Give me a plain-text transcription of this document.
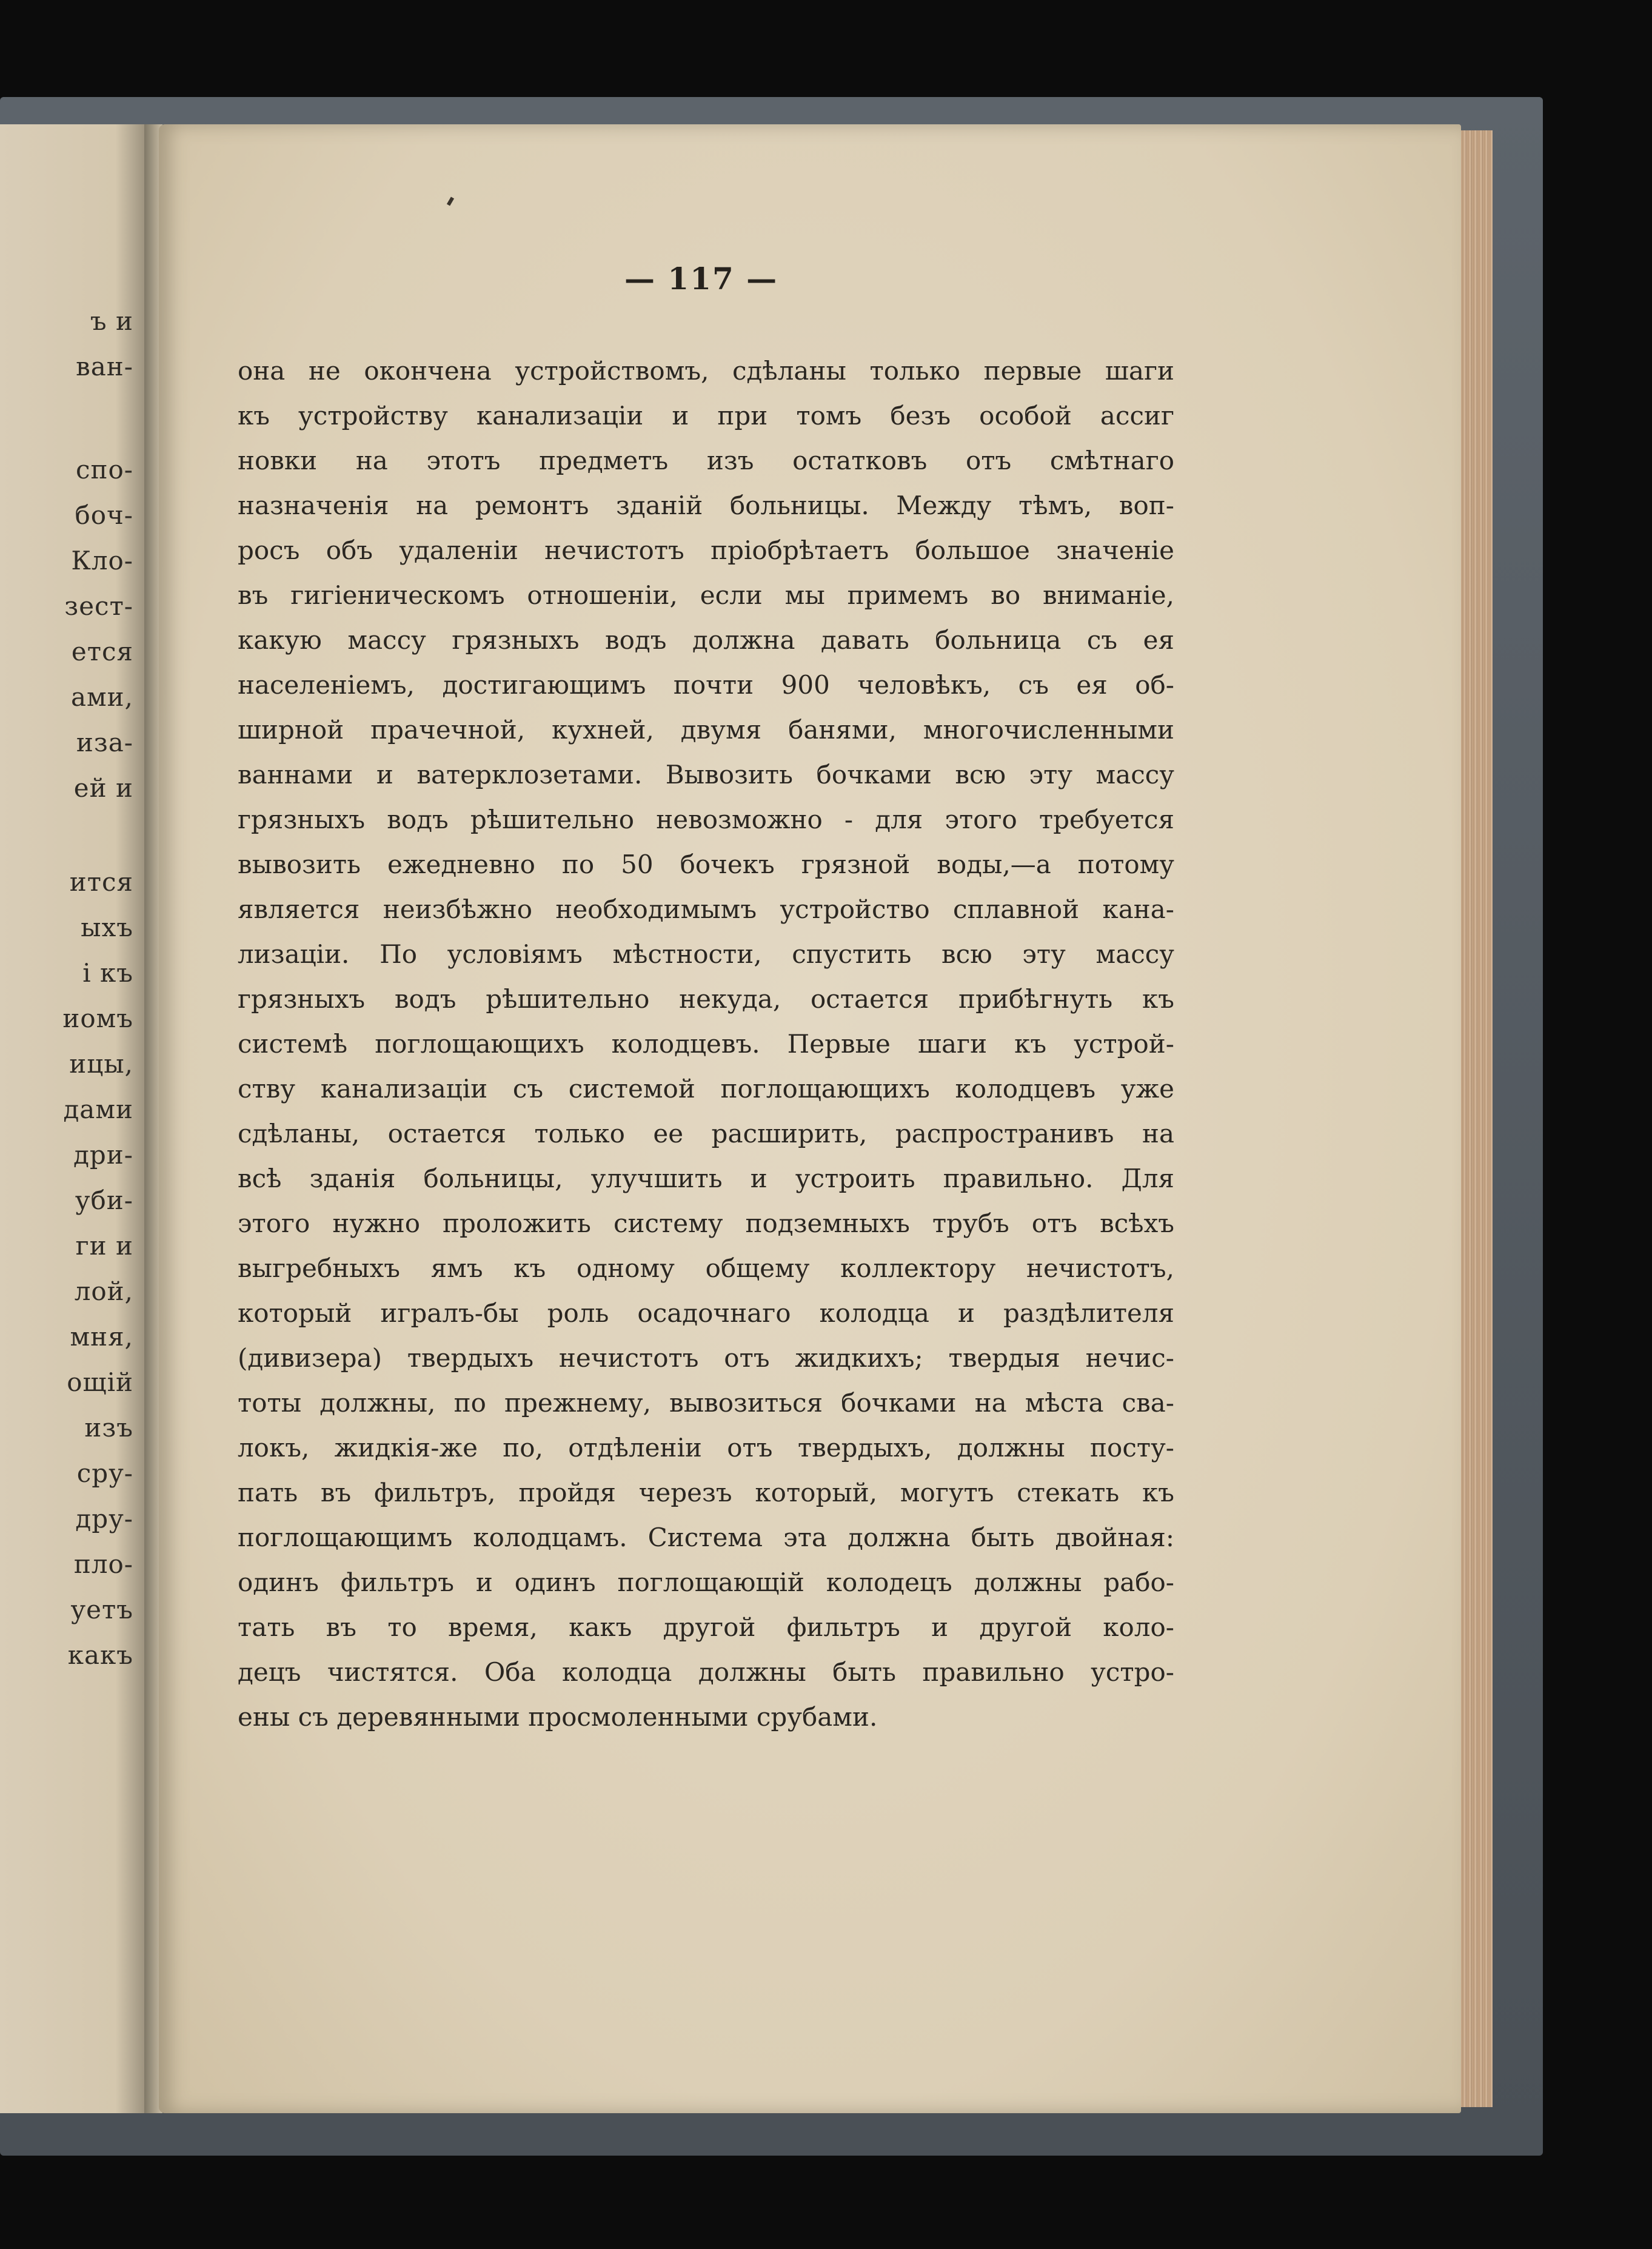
ъ и
ван-
спо-
боч-
Кло-
зест-
ется
ами,
иза-
ей и
ится
ыхъ
і къ
иомъ
ицы,
дами
дри-
уби-
ги и
лой,
мня,
ощій
изъ
сру-
дру-
пло-
уетъ
какъ
— 117 —
она не окончена устройствомъ, сдѣланы только первые шаги
къ устройству канализаціи и при томъ безъ особой ассиг
новки на этотъ предметъ изъ остатковъ отъ смѣтнаго
назначенія на ремонтъ зданій больницы. Между тѣмъ, воп-
росъ объ удаленіи нечистотъ пріобрѣтаетъ большое значеніе
въ гигіеническомъ отношеніи, если мы примемъ во вниманіе,
какую массу грязныхъ водъ должна давать больница съ ея
населеніемъ, достигающимъ почти 900 человѣкъ, съ ея об-
ширной прачечной, кухней, двумя банями, многочисленными
ваннами и ватерклозетами. Вывозить бочками всю эту массу
грязныхъ водъ рѣшительно невозможно - для этого требуется
вывозить ежедневно по 50 бочекъ грязной воды,—а потому
является неизбѣжно необходимымъ устройство сплавной кана-
лизаціи. По условіямъ мѣстности, спустить всю эту массу
грязныхъ водъ рѣшительно некуда, остается прибѣгнуть къ
системѣ поглощающихъ колодцевъ. Первые шаги къ устрой-
ству канализаціи съ системой поглощающихъ колодцевъ уже
сдѣланы, остается только ее расширить, распространивъ на
всѣ зданія больницы, улучшить и устроить правильно. Для
этого нужно проложить систему подземныхъ трубъ отъ всѣхъ
выгребныхъ ямъ къ одному общему коллектору нечистотъ,
который игралъ-бы роль осадочнаго колодца и раздѣлителя
(дивизера) твердыхъ нечистотъ отъ жидкихъ; твердыя нечис-
тоты должны, по прежнему, вывозиться бочками на мѣста сва-
локъ, жидкія-же по, отдѣленіи отъ твердыхъ, должны посту-
пать въ фильтръ, пройдя черезъ который, могутъ стекать къ
поглощающимъ колодцамъ. Система эта должна быть двойная:
одинъ фильтръ и одинъ поглощающій колодецъ должны рабо-
тать въ то время, какъ другой фильтръ и другой коло-
децъ чистятся. Оба колодца должны быть правильно устро-
ены съ деревянными просмоленными срубами.
